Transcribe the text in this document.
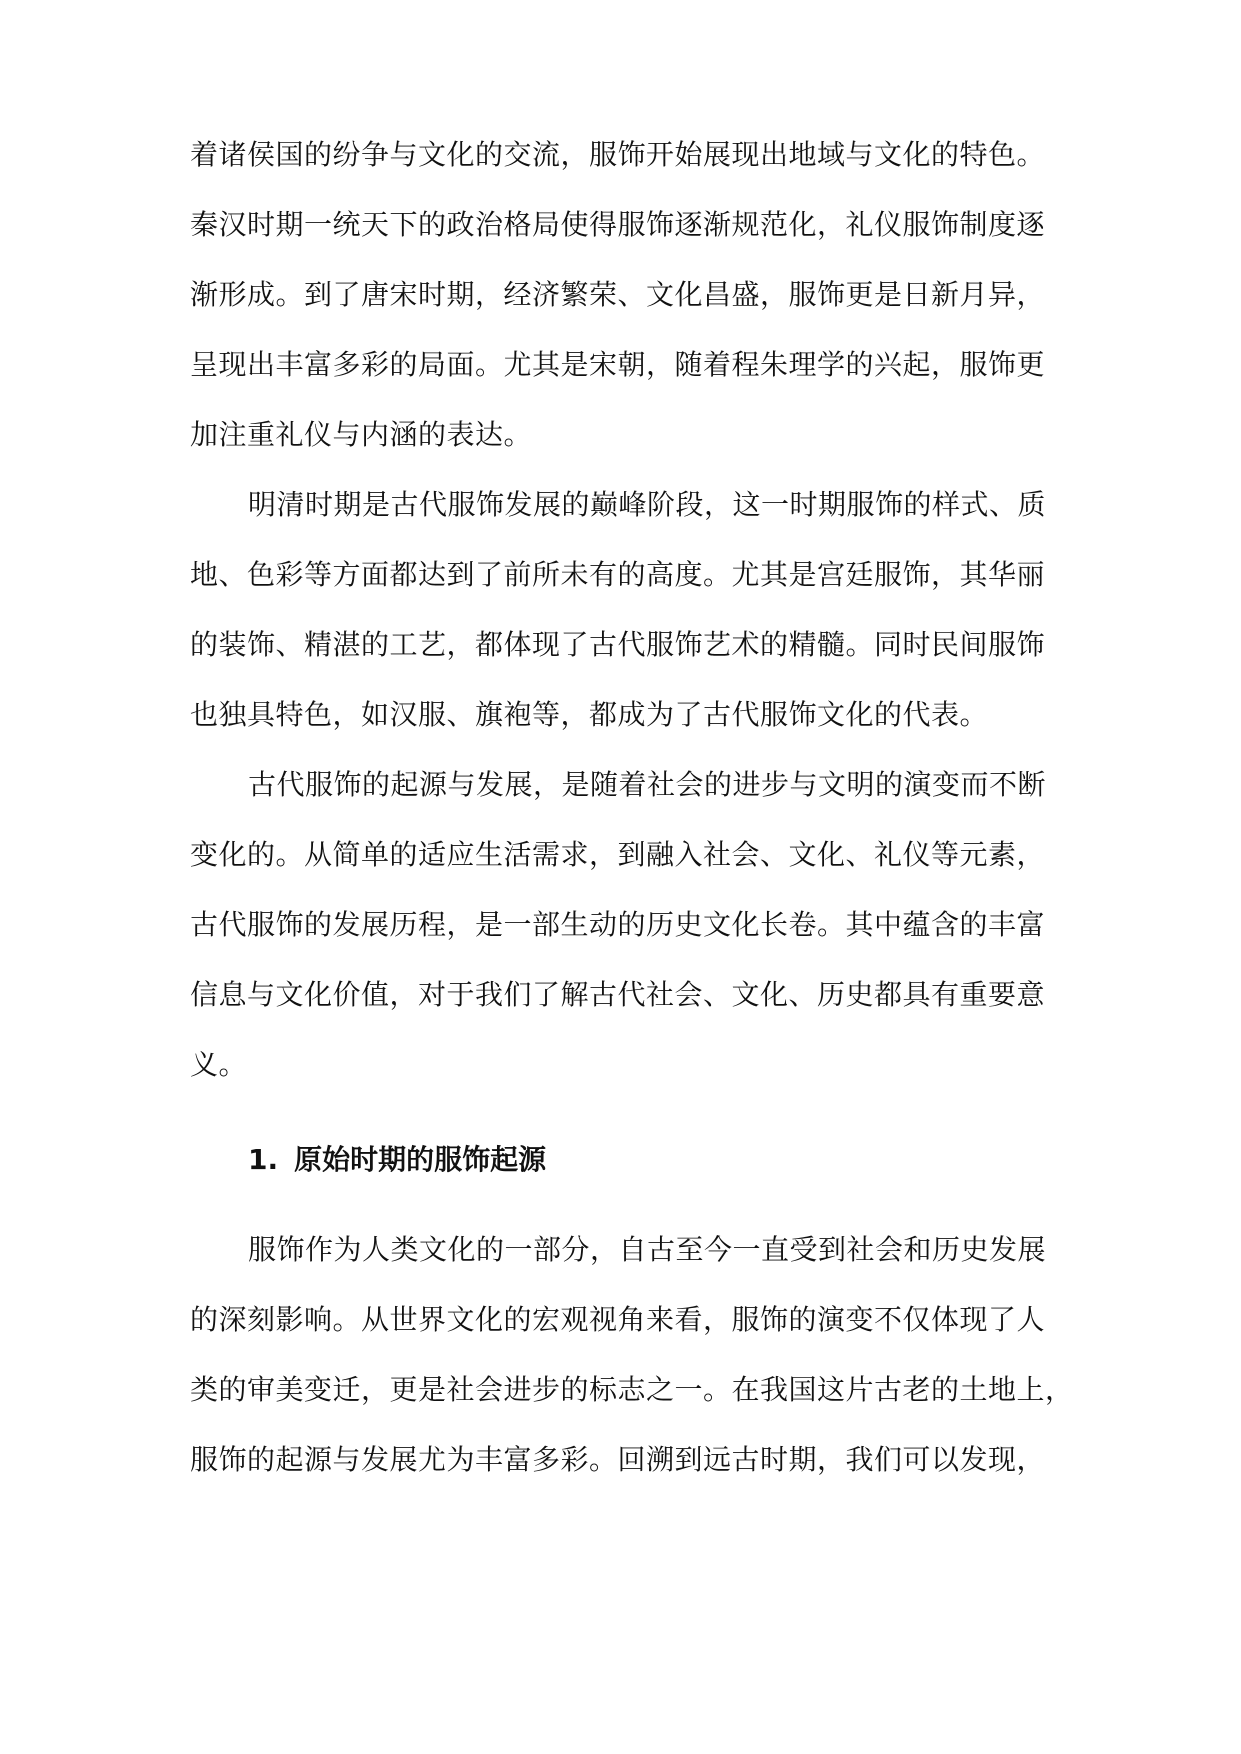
着诸侯国的纷争与文化的交流，服饰开始展现出地域与文化的特色。
秦汉时期一统天下的政治格局使得服饰逐渐规范化，礼仪服饰制度逐
渐形成。到了唐宋时期，经济繁荣、文化昌盛，服饰更是日新月异，
呈现出丰富多彩的局面。尤其是宋朝，随着程朱理学的兴起，服饰更
加注重礼仪与内涵的表达。
明清时期是古代服饰发展的巅峰阶段，这一时期服饰的样式、质
地、色彩等方面都达到了前所未有的高度。尤其是宫廷服饰，其华丽
的装饰、精湛的工艺，都体现了古代服饰艺术的精髓。同时民间服饰
也独具特色，如汉服、旗袍等，都成为了古代服饰文化的代表。
古代服饰的起源与发展，是随着社会的进步与文明的演变而不断
变化的。从简单的适应生活需求，到融入社会、文化、礼仪等元素，
古代服饰的发展历程，是一部生动的历史文化长卷。其中蕴含的丰富
信息与文化价值，对于我们了解古代社会、文化、历史都具有重要意
义。
1. 原始时期的服饰起源
服饰作为人类文化的一部分，自古至今一直受到社会和历史发展
的深刻影响。从世界文化的宏观视角来看，服饰的演变不仅体现了人
类的审美变迁，更是社会进步的标志之一。在我国这片古老的土地上，
服饰的起源与发展尤为丰富多彩。回溯到远古时期，我们可以发现，
